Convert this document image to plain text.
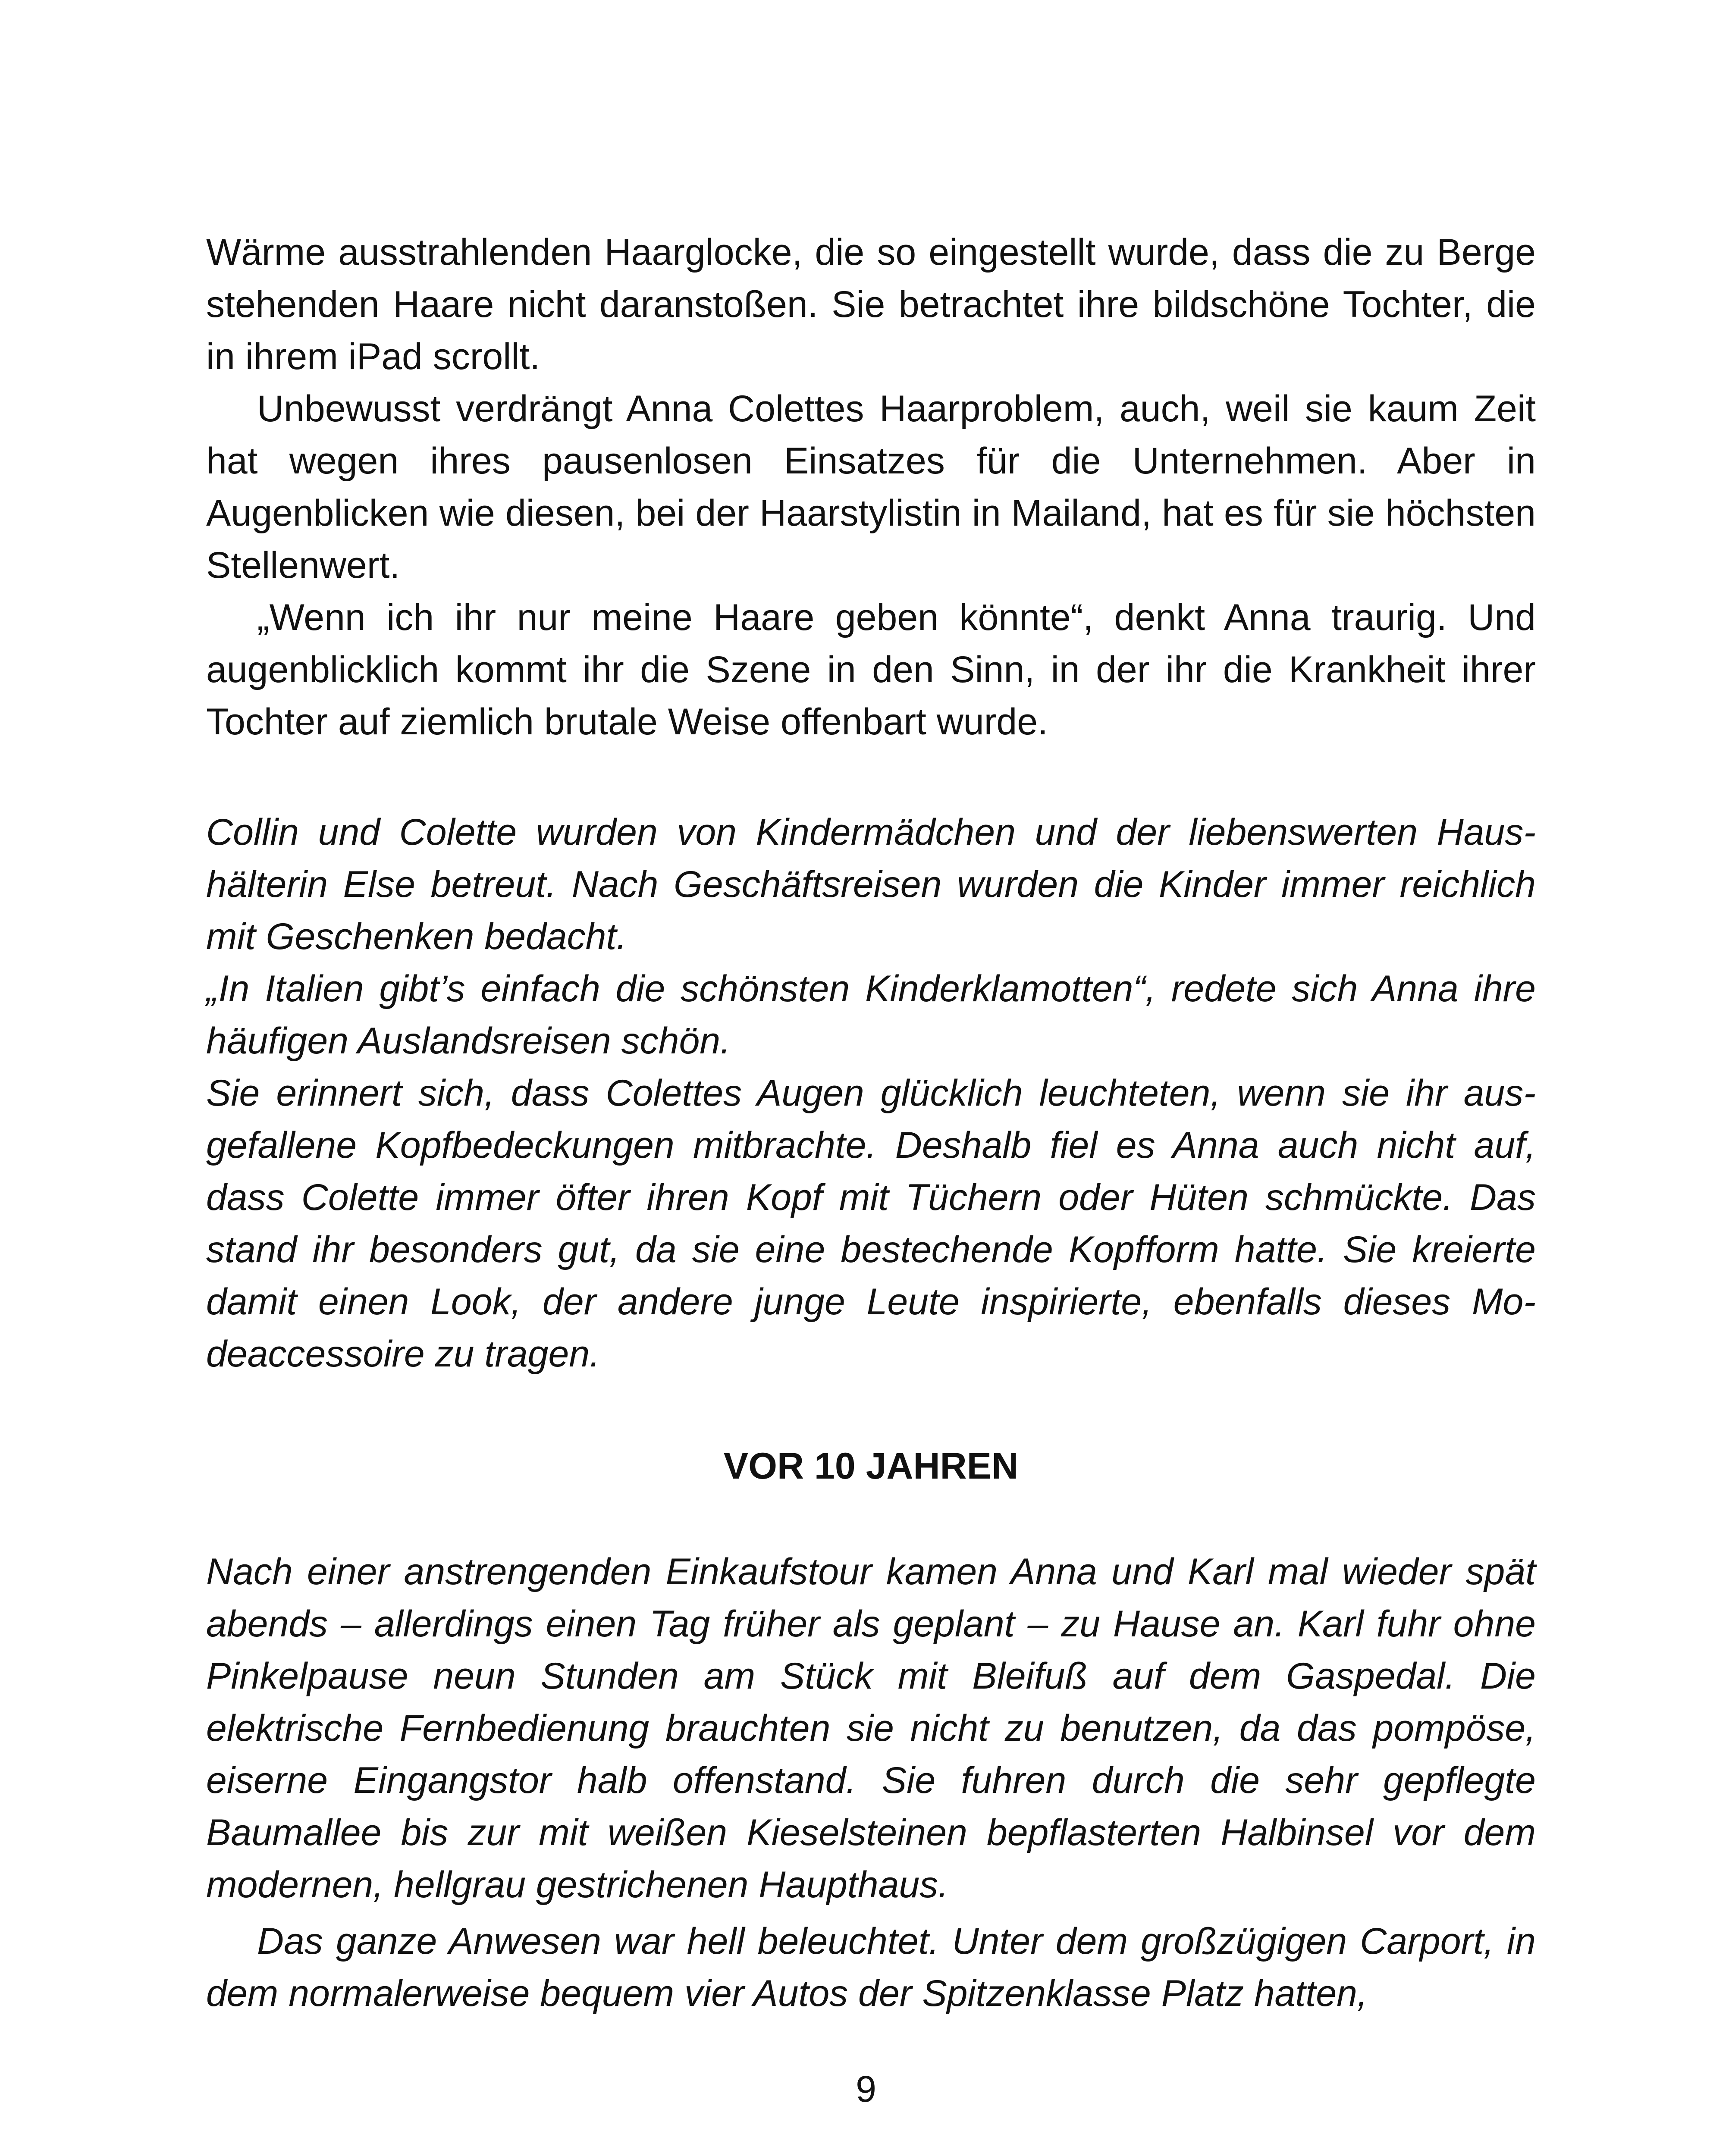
Wärme ausstrahlenden Haarglocke, die so eingestellt wurde, dass die zu Berge stehenden Haare nicht daranstoßen. Sie betrachtet ihre bildschöne Tochter, die in ihrem iPad scrollt.

Unbewusst verdrängt Anna Colettes Haarproblem, auch, weil sie kaum Zeit hat wegen ihres pausenlosen Einsatzes für die Unternehmen. Aber in Augenblicken wie diesen, bei der Haarstylistin in Mailand, hat es für sie höchsten Stellenwert.

„Wenn ich ihr nur meine Haare geben könnte“, denkt Anna traurig. Und augenblicklich kommt ihr die Szene in den Sinn, in der ihr die Krankheit ihrer Tochter auf ziemlich brutale Weise offenbart wurde.

Collin und Colette wurden von Kindermädchen und der liebenswerten Haushälterin Else betreut. Nach Geschäftsreisen wurden die Kinder immer reichlich mit Geschenken bedacht.

„In Italien gibt’s einfach die schönsten Kinderklamotten“, redete sich Anna ihre häufigen Auslandsreisen schön.

Sie erinnert sich, dass Colettes Augen glücklich leuchteten, wenn sie ihr ausgefallene Kopfbedeckungen mitbrachte. Deshalb fiel es Anna auch nicht auf, dass Colette immer öfter ihren Kopf mit Tüchern oder Hüten schmückte. Das stand ihr besonders gut, da sie eine bestechende Kopfform hatte. Sie kreierte damit einen Look, der andere junge Leute inspirierte, ebenfalls dieses Modeaccessoire zu tragen.

VOR 10 JAHREN

Nach einer anstrengenden Einkaufstour kamen Anna und Karl mal wieder spät abends – allerdings einen Tag früher als geplant – zu Hause an. Karl fuhr ohne Pinkelpause neun Stunden am Stück mit Bleifuß auf dem Gaspedal. Die elektrische Fernbedienung brauchten sie nicht zu benutzen, da das pompöse, eiserne Eingangstor halb offenstand. Sie fuhren durch die sehr gepflegte Baumallee bis zur mit weißen Kieselsteinen bepflasterten Halbinsel vor dem modernen, hellgrau gestrichenen Haupthaus.

Das ganze Anwesen war hell beleuchtet. Unter dem großzügigen Carport, in dem normalerweise bequem vier Autos der Spitzenklasse Platz hatten,

9
